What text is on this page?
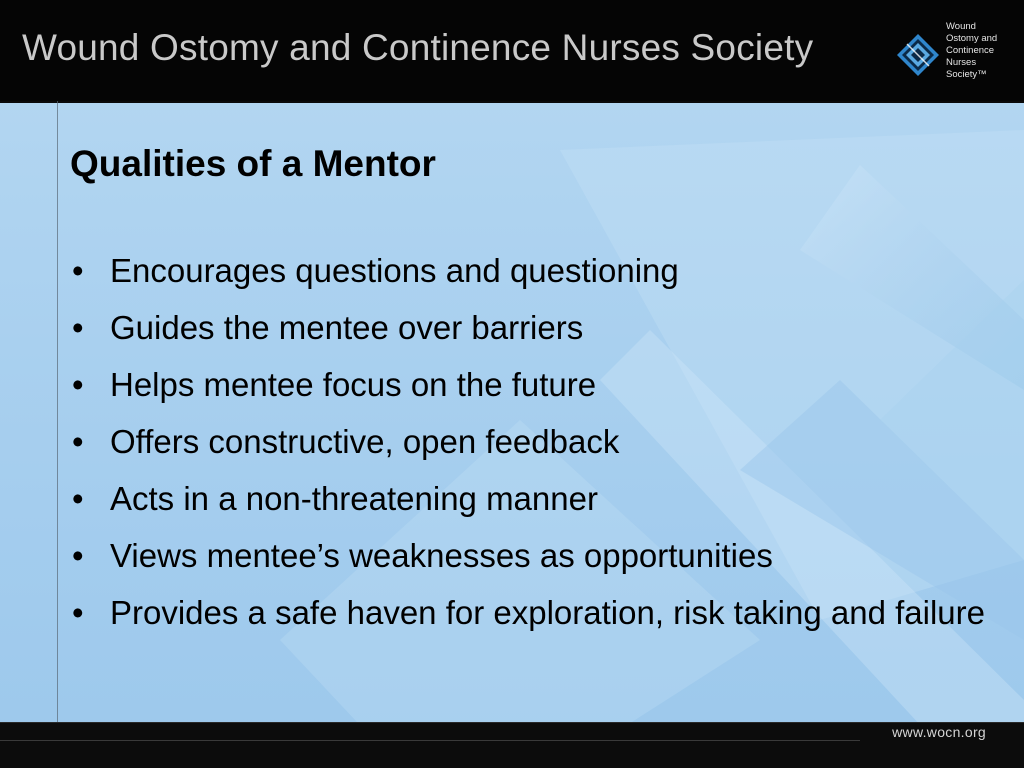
Wound Ostomy and Continence Nurses Society
Wound
Ostomy and
Continence
Nurses
Society™
Qualities of a Mentor
• Encourages questions and questioning
• Guides the mentee over barriers
• Helps mentee focus on the future
• Offers constructive, open feedback
• Acts in a non-threatening manner
• Views mentee’s weaknesses as opportunities
• Provides a safe haven for exploration, risk taking and failure
www.wocn.org
